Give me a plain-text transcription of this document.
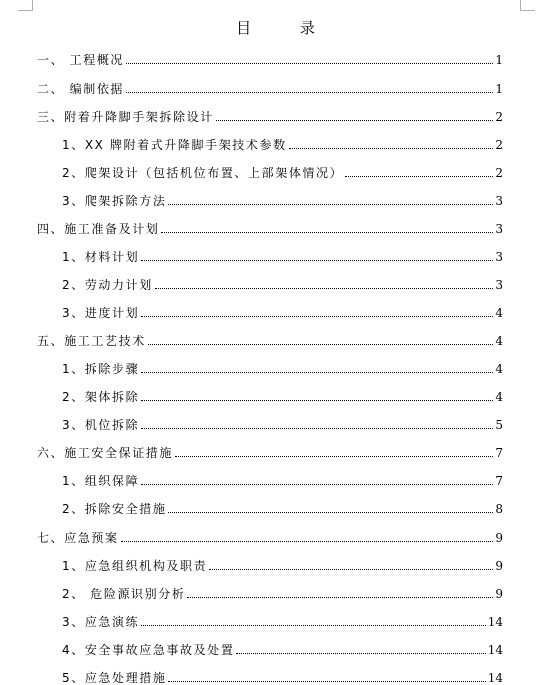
目 录
一、 工程概况	1
二、 编制依据	1
三、附着升降脚手架拆除设计	2
1、XX 牌附着式升降脚手架技术参数	2
2、爬架设计（包括机位布置、上部架体情况）	2
3、爬架拆除方法	3
四、施工准备及计划	3
1、材料计划	3
2、劳动力计划	3
3、进度计划	4
五、施工工艺技术	4
1、拆除步骤	4
2、架体拆除	4
3、机位拆除	5
六、施工安全保证措施	7
1、组织保障	7
2、拆除安全措施	8
七、应急预案	9
1、应急组织机构及职责	9
2、 危险源识别分析	9
3、应急演练	14
4、安全事故应急事故及处置	14
5、应急处理措施	14
